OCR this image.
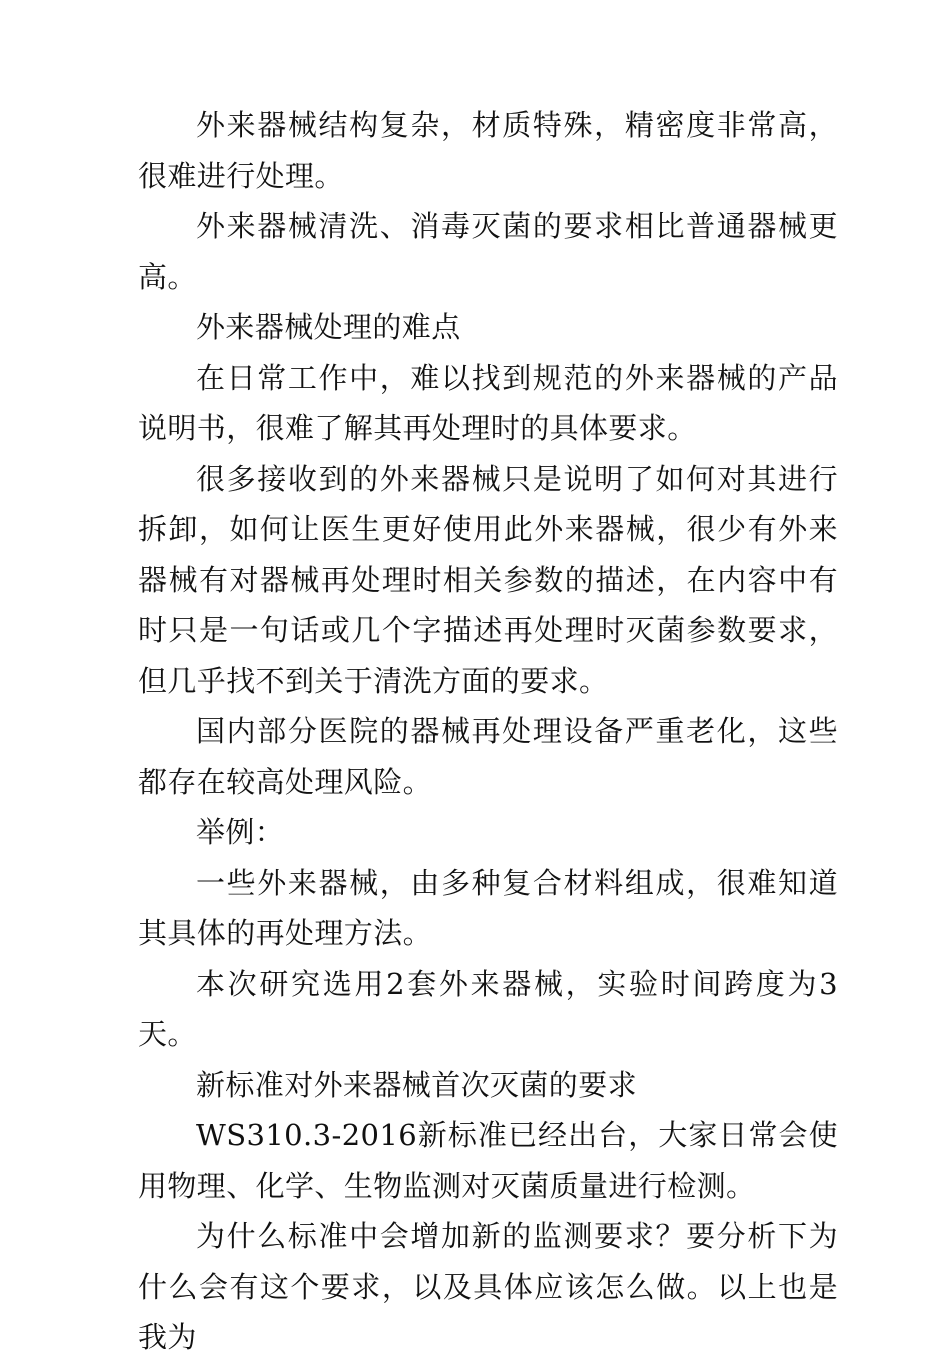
外来器械结构复杂，材质特殊，精密度非常高，很难进行处理。

外来器械清洗、消毒灭菌的要求相比普通器械更高。

外来器械处理的难点

在日常工作中，难以找到规范的外来器械的产品说明书，很难了解其再处理时的具体要求。

很多接收到的外来器械只是说明了如何对其进行拆卸，如何让医生更好使用此外来器械，很少有外来器械有对器械再处理时相关参数的描述，在内容中有时只是一句话或几个字描述再处理时灭菌参数要求，但几乎找不到关于清洗方面的要求。

国内部分医院的器械再处理设备严重老化，这些都存在较高处理风险。

举例：

一些外来器械，由多种复合材料组成，很难知道其具体的再处理方法。

本次研究选用2套外来器械，实验时间跨度为3天。

新标准对外来器械首次灭菌的要求

WS310.3-2016新标准已经出台，大家日常会使用物理、化学、生物监测对灭菌质量进行检测。

为什么标准中会增加新的监测要求？要分析下为什么会有这个要求，以及具体应该怎么做。以上也是我为
